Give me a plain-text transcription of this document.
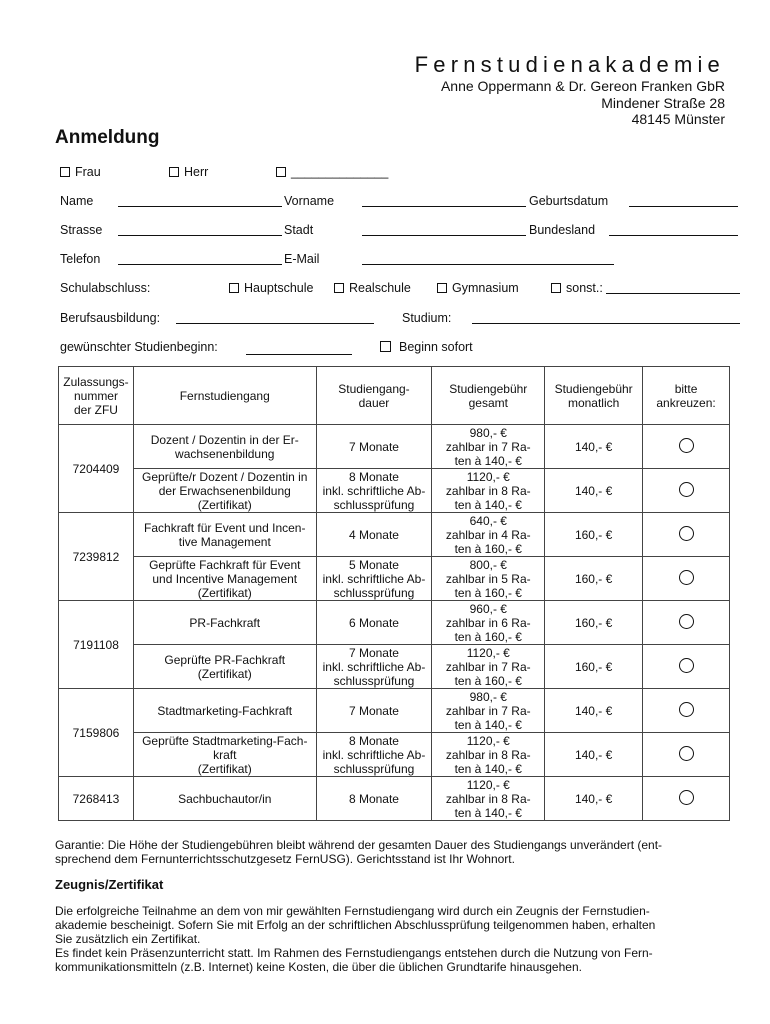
Fernstudienakademie
Anne Oppermann & Dr. Gereon Franken GbR
Mindener Straße 28
48145 Münster
Anmeldung
Frau	Herr	______________
Name	Vorname	Geburtsdatum
Strasse	Stadt	Bundesland
Telefon	E-Mail
Schulabschluss:	Hauptschule	Realschule	Gymnasium	sonst.:
Berufsausbildung:	Studium:
gewünschter Studienbeginn:	Beginn sofort
Zulassungs-
nummer
der ZFU	Fernstudiengang	Studiengang-
dauer	Studiengebühr
gesamt	Studiengebühr
monatlich	bitte
ankreuzen:
7204409	Dozent / Dozentin in der Er-
wachsenenbildung	7 Monate	980,- €
zahlbar in 7 Ra-
ten à 140,- €	140,- €	
	Geprüfte/r Dozent / Dozentin in
der Erwachsenenbildung
(Zertifikat)	8 Monate
inkl. schriftliche Ab-
schlussprüfung	1120,- €
zahlbar in 8 Ra-
ten à 140,- €	140,- €	
7239812	Fachkraft für Event und Incen-
tive Management	4 Monate	640,- €
zahlbar in 4 Ra-
ten à 160,- €	160,- €	
	Geprüfte Fachkraft für Event
und Incentive Management
(Zertifikat)	5 Monate
inkl. schriftliche Ab-
schlussprüfung	800,- €
zahlbar in 5 Ra-
ten à 160,- €	160,- €	
7191108	PR-Fachkraft	6 Monate	960,- €
zahlbar in 6 Ra-
ten à 160,- €	160,- €	
	Geprüfte PR-Fachkraft
(Zertifikat)	7 Monate
inkl. schriftliche Ab-
schlussprüfung	1120,- €
zahlbar in 7 Ra-
ten à 160,- €	160,- €	
7159806	Stadtmarketing-Fachkraft	7 Monate	980,- €
zahlbar in 7 Ra-
ten à 140,- €	140,- €	
	Geprüfte Stadtmarketing-Fach-
kraft
(Zertifikat)	8 Monate
inkl. schriftliche Ab-
schlussprüfung	1120,- €
zahlbar in 8 Ra-
ten à 140,- €	140,- €	
7268413	Sachbuchautor/in	8 Monate	1120,- €
zahlbar in 8 Ra-
ten à 140,- €	140,- €	
Garantie: Die Höhe der Studiengebühren bleibt während der gesamten Dauer des Studiengangs unverändert (ent-
sprechend dem Fernunterrichtsschutzgesetz FernUSG). Gerichtsstand ist Ihr Wohnort.
Zeugnis/Zertifikat
Die erfolgreiche Teilnahme an dem von mir gewählten Fernstudiengang wird durch ein Zeugnis der Fernstudien-
akademie bescheinigt. Sofern Sie mit Erfolg an der schriftlichen Abschlussprüfung teilgenommen haben, erhalten
Sie zusätzlich ein Zertifikat.
Es findet kein Präsenzunterricht statt. Im Rahmen des Fernstudiengangs entstehen durch die Nutzung von Fern-
kommunikationsmitteln (z.B. Internet) keine Kosten, die über die üblichen Grundtarife hinausgehen.
